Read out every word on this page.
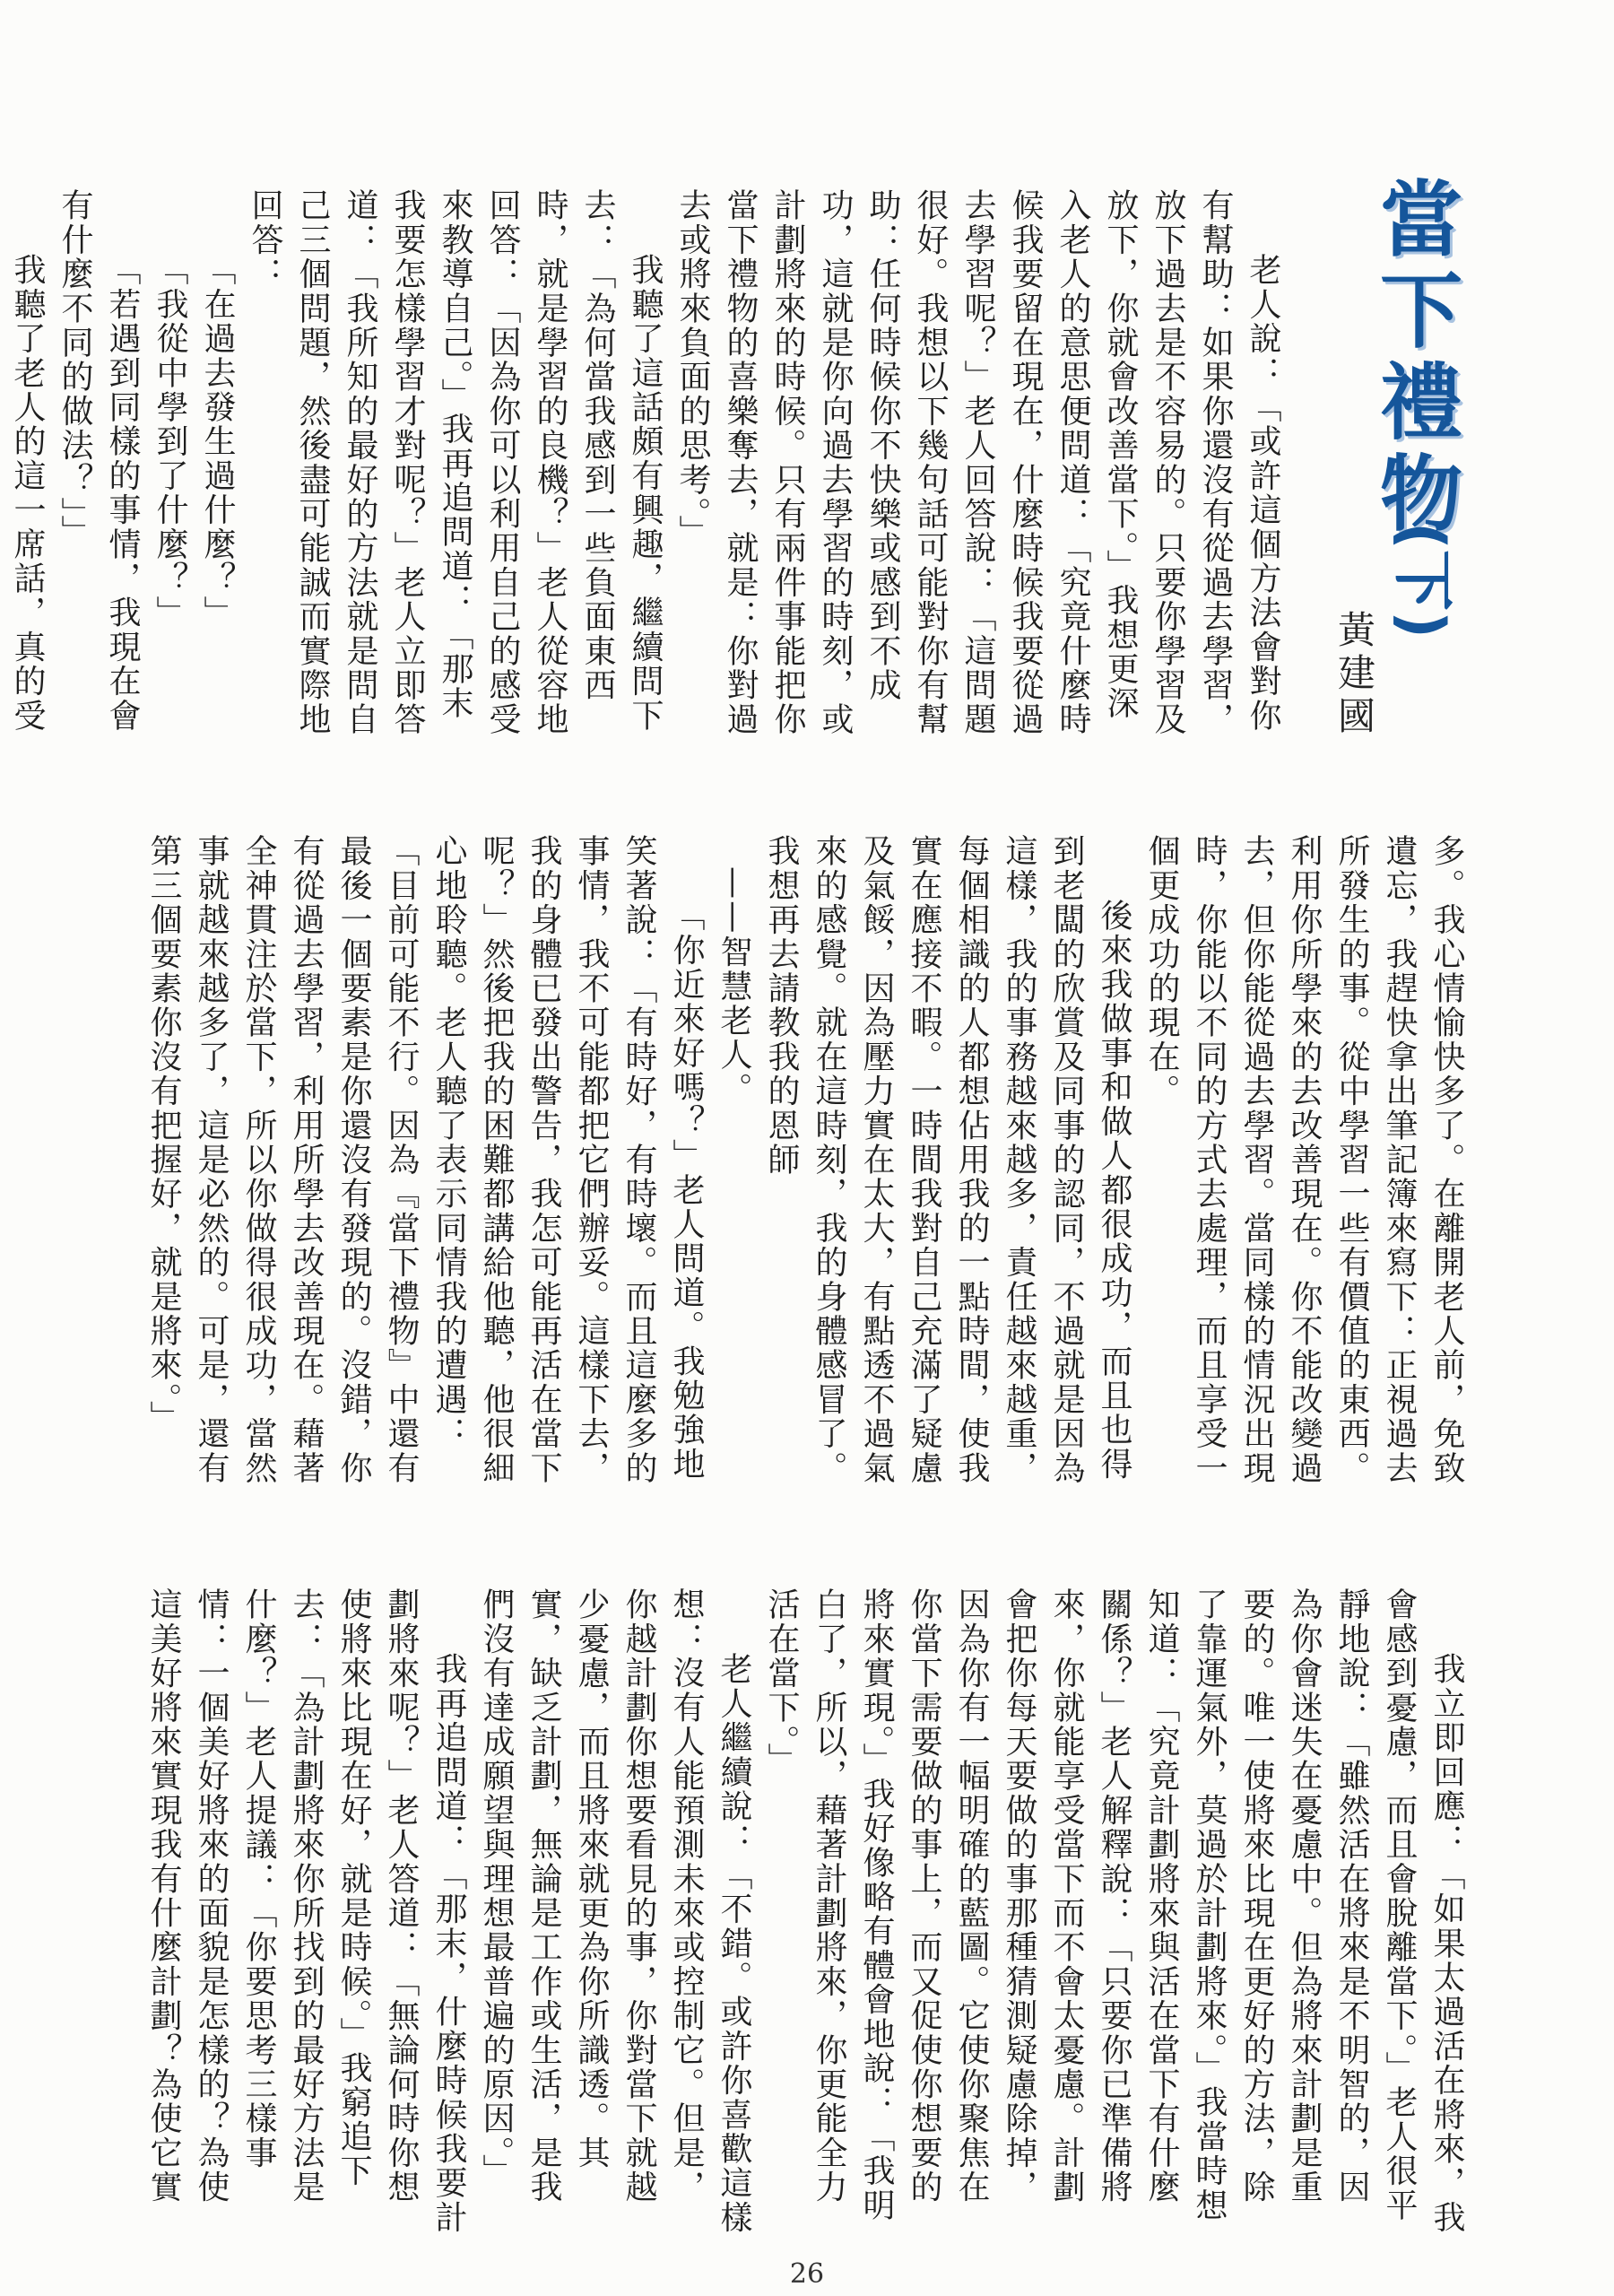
當
下
禮
物
(下)
黃建國
老人說：「或許這個方法會對你有幫助：如果你還沒有從過去學習，放下過去是不容易的。只要你學習及放下，你就會改善當下。」我想更深入老人的意思便問道：「究竟什麼時候我要留在現在，什麼時候我要從過去學習呢？」老人回答說：「這問題很好。我想以下幾句話可能對你有幫助：任何時候你不快樂或感到不成功，這就是你向過去學習的時刻，或計劃將來的時候。只有兩件事能把你當下禮物的喜樂奪去，就是：你對過去或將來負面的思考。」
我聽了這話頗有興趣，繼續問下去：「為何當我感到一些負面東西時，就是學習的良機？」老人從容地回答：「因為你可以利用自己的感受來教導自己。」我再追問道：「那末我要怎樣學習才對呢？」老人立即答道：「我所知的最好的方法就是問自己三個問題，然後盡可能誠而實際地回答：
「在過去發生過什麼？」
「我從中學到了什麼？」
「若遇到同樣的事情，我現在會有什麼不同的做法？」」
我聽了老人的這一席話，真的受
多。我心情愉快多了。在離開老人前，免致遺忘，我趕快拿出筆記簿來寫下：正視過去所發生的事。從中學習一些有價值的東西。利用你所學來的去改善現在。你不能改變過去，但你能從過去學習。當同樣的情況出現時，你能以不同的方式去處理，而且享受一個更成功的現在。
後來我做事和做人都很成功，而且也得到老闆的欣賞及同事的認同，不過就是因為這樣，我的事務越來越多，責任越來越重，每個相識的人都想佔用我的一點時間，使我實在應接不暇。一時間我對自己充滿了疑慮及氣餒，因為壓力實在太大，有點透不過氣來的感覺。就在這時刻，我的身體感冒了。我想再去請教我的恩師
——智慧老人。
「你近來好嗎？」老人問道。我勉強地笑著說：「有時好，有時壞。而且這麼多的事情，我不可能都把它們辦妥。這樣下去，我的身體已發出警告，我怎可能再活在當下呢？」然後把我的困難都講給他聽，他很細心地聆聽。老人聽了表示同情我的遭遇：「目前可能不行。因為『當下禮物』中還有最後一個要素是你還沒有發現的。沒錯，你有從過去學習，利用所學去改善現在。藉著全神貫注於當下，所以你做得很成功，當然事就越來越多了，這是必然的。可是，還有第三個要素你沒有把握好，就是將來。」
我立即回應：「如果太過活在將來，我會感到憂慮，而且會脫離當下。」老人很平靜地說：「雖然活在將來是不明智的，因為你會迷失在憂慮中。但為將來計劃是重要的。唯一使將來比現在更好的方法，除了靠運氣外，莫過於計劃將來。」我當時想知道：「究竟計劃將來與活在當下有什麼關係？」老人解釋說：「只要你已準備將來，你就能享受當下而不會太憂慮。計劃會把你每天要做的事那種猜測疑慮除掉，因為你有一幅明確的藍圖。它使你聚焦在你當下需要做的事上，而又促使你想要的將來實現。」我好像略有體會地說：「我明白了，所以，藉著計劃將來，你更能全力活在當下。」
老人繼續說：「不錯。或許你喜歡這樣想：沒有人能預測未來或控制它。但是，你越計劃你想要看見的事，你對當下就越少憂慮，而且將來就更為你所識透。其實，缺乏計劃，無論是工作或生活，是我們沒有達成願望與理想最普遍的原因。」
我再追問道：「那末，什麼時候我要計劃將來呢？」老人答道：「無論何時你想使將來比現在好，就是時候。」我窮追下去：「為計劃將來你所找到的最好方法是什麼？」老人提議：「你要思考三樣事情：一個美好將來的面貌是怎樣的？為使這美好將來實現我有什麼計劃？為使它實
26
